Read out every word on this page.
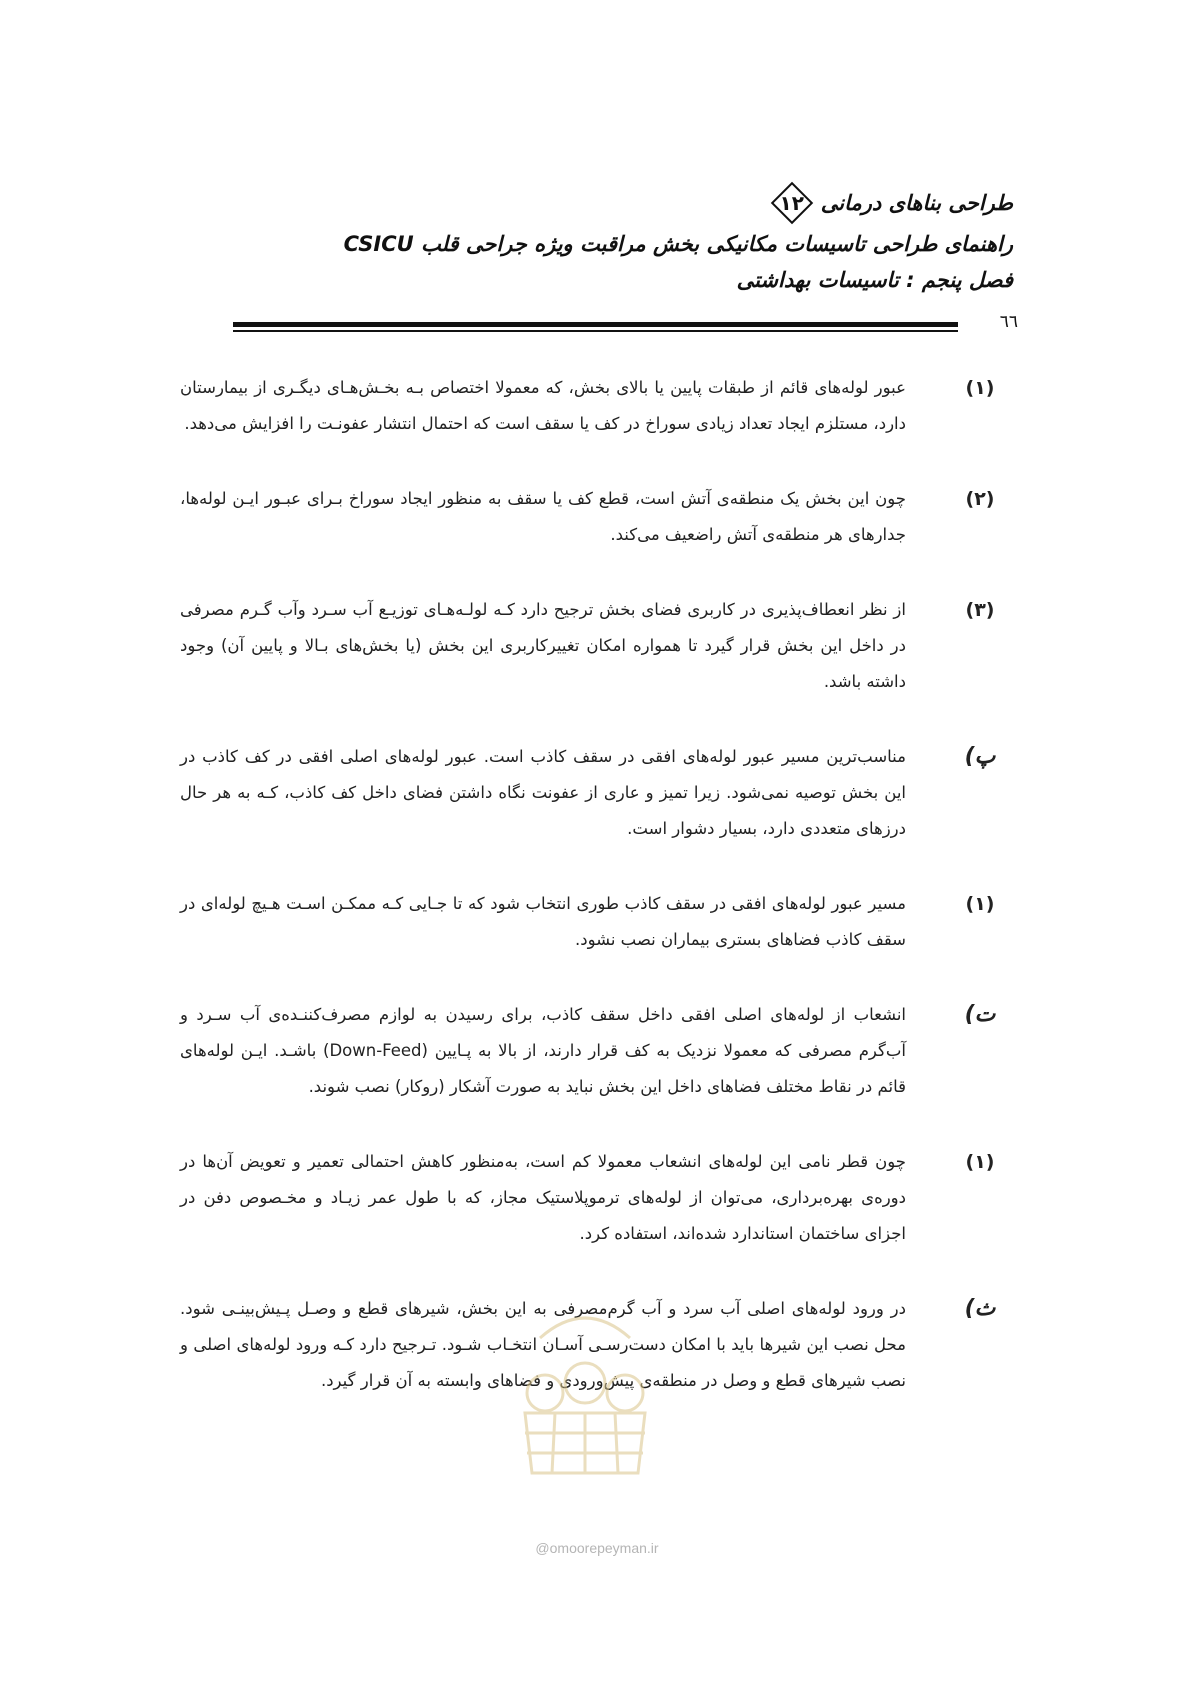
طراحی بناهای درمانی
۱۲
راهنمای طراحی تاسیسات مکانیکی بخش مراقبت ویژه جراحی قلب CSICU
فصل پنجم : تاسیسات بهداشتی
٦٦
(۱)
عبور لوله‌های قائم از طبقات پایین یا بالای بخش، که معمولا اختصاص بـه بخـش‌هـای دیگـری از بیمارستان دارد، مستلزم ایجاد تعداد زیادی سوراخ در کف یا سقف است که احتمال انتشار عفونـت را افزایش می‌دهد.
(۲)
چون این بخش یک منطقه‌ی آتش است، قطع کف یا سقف به منظور ایجاد سوراخ بـرای عبـور ایـن لوله‌ها، جدارهای هر منطقه‌ی آتش راضعیف می‌کند.
(۳)
از نظر انعطاف‌پذیری در کاربری فضای بخش ترجیح دارد کـه لولـه‌هـای توزیـع آب سـرد وآب گـرم مصرفی در داخل این بخش قرار گیرد تا همواره امکان تغییرکاربری این بخش (یا بخش‌های بـالا و پایین آن) وجود داشته باشد.
پ)
مناسب‌ترین مسیر عبور لوله‌های افقی در سقف کاذب است. عبور لوله‌های اصلی افقی در کف کاذب در این بخش توصیه نمی‌شود. زیرا تمیز و عاری از عفونت نگاه داشتن فضای داخل کف کاذب، کـه به هر حال درزهای متعددی دارد، بسیار دشوار است.
(۱)
مسیر عبور لوله‌های افقی در سقف کاذب طوری انتخاب شود که تا جـایی کـه ممکـن اسـت هـیچ لوله‌ای در سقف کاذب فضاهای بستری بیماران نصب نشود.
ت)
انشعاب از لوله‌های اصلی افقی داخل سقف کاذب، برای رسیدن به لوازم مصرف‌کننـده‌ی آب سـرد و آب‌گرم مصرفی که معمولا نزدیک به کف قرار دارند، از بالا به پـایین (Down-Feed) باشـد. ایـن لوله‌های قائم در نقاط مختلف فضاهای داخل این بخش نباید به صورت آشکار (روکار) نصب شوند.
(۱)
چون قطر نامی این لوله‌های انشعاب معمولا کم است، به‌منظور کاهش احتمالی تعمیر و تعویض آن‌ها در دوره‌ی بهره‌برداری، می‌توان از لوله‌های ترموپلاستیک مجاز، که با طول عمر زیـاد و مخـصوص دفن در اجزای ساختمان استاندارد شده‌اند، استفاده کرد.
ث)
در ورود لوله‌های اصلی آب سرد و آب گرم‌مصرفی به این بخش، شیرهای قطع و وصـل پـیش‌بینـی شود. محل نصب این شیرها باید با امکان دست‌رسـی آسـان انتخـاب شـود. تـرجیح دارد کـه ورود لوله‌های اصلی و نصب شیرهای قطع و وصل در منطقه‌ی پیش‌ورودی و فضاهای وابسته به آن قرار گیرد.
@omoorepeyman.ir
